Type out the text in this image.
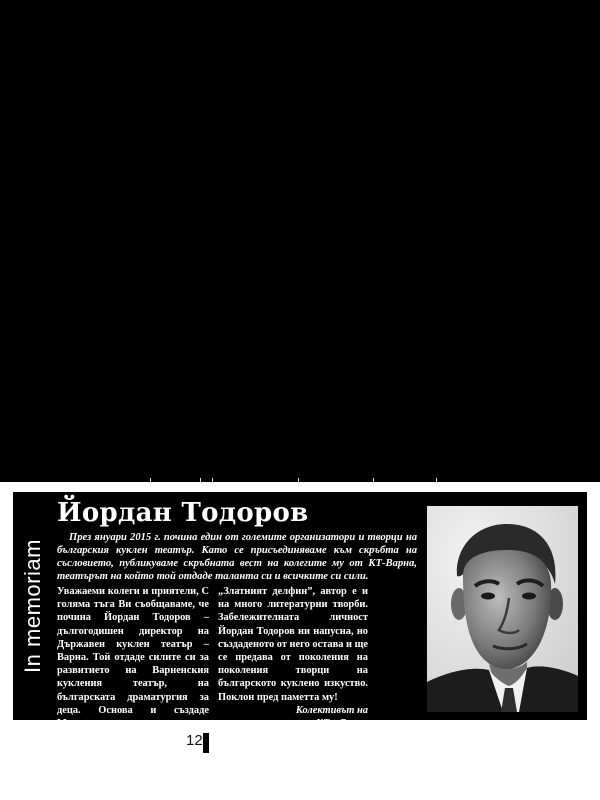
In memoriam
Йордан Тодоров
През януари 2015 г. почина един от големите организатори и творци на българския куклен театър. Като се присъединяваме към скръбта на съсловието, публикуваме скръбната вест на колегите му от КТ-Варна, театърът на който той отдаде таланта си и всичките си сили.
Уважаеми колеги и приятели, С голяма тъга Ви съобщаваме, че почина Йордан Тодоров – дългогодишен директор на Държавен куклен театър – Варна. Той отдаде силите си за развитието на Варненския кукления театър, на българската драматургия за деца. Основа и създаде Международният куклен фестивал
„Златният делфин”, автор е и на много литературни творби. Забележителната личност Йордан Тодоров ни напусна, но създаденото от него остава и ще се предава от поколения на поколения творци на българското куклено изкуство. Поклон пред паметта му!
Колективът на
КТ – Варна
12
